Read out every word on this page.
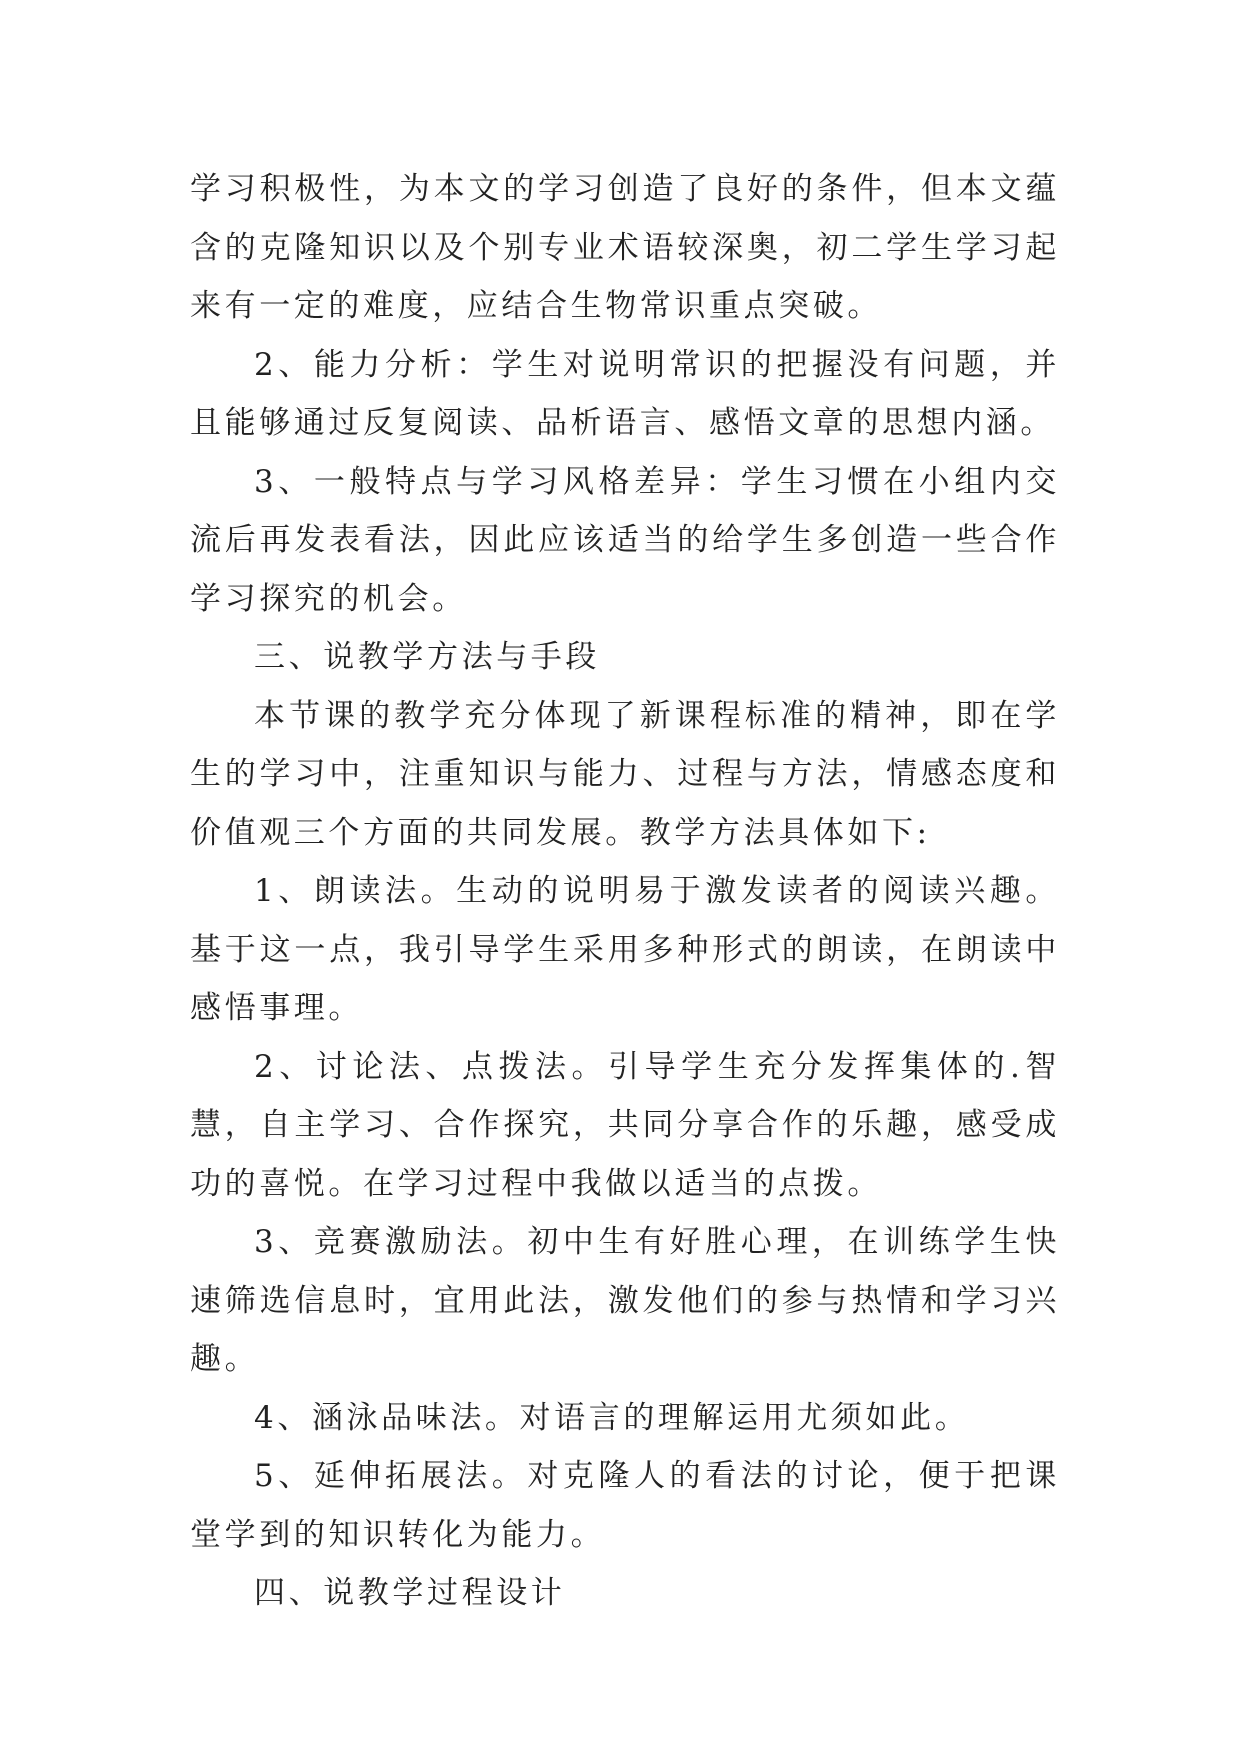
学习积极性，为本文的学习创造了良好的条件，但本文蕴含的克隆知识以及个别专业术语较深奥，初二学生学习起来有一定的难度，应结合生物常识重点突破。

2、能力分析：学生对说明常识的把握没有问题，并且能够通过反复阅读、品析语言、感悟文章的思想内涵。

3、一般特点与学习风格差异：学生习惯在小组内交流后再发表看法，因此应该适当的给学生多创造一些合作学习探究的机会。

三、说教学方法与手段

本节课的教学充分体现了新课程标准的精神，即在学生的学习中，注重知识与能力、过程与方法，情感态度和价值观三个方面的共同发展。教学方法具体如下:

1、朗读法。生动的说明易于激发读者的阅读兴趣。基于这一点，我引导学生采用多种形式的朗读，在朗读中感悟事理。

2、讨论法、点拨法。引导学生充分发挥集体的.智慧，自主学习、合作探究，共同分享合作的乐趣，感受成功的喜悦。在学习过程中我做以适当的点拨。

3、竞赛激励法。初中生有好胜心理，在训练学生快速筛选信息时，宜用此法，激发他们的参与热情和学习兴趣。

4、涵泳品味法。对语言的理解运用尤须如此。

5、延伸拓展法。对克隆人的看法的讨论，便于把课堂学到的知识转化为能力。

四、说教学过程设计
